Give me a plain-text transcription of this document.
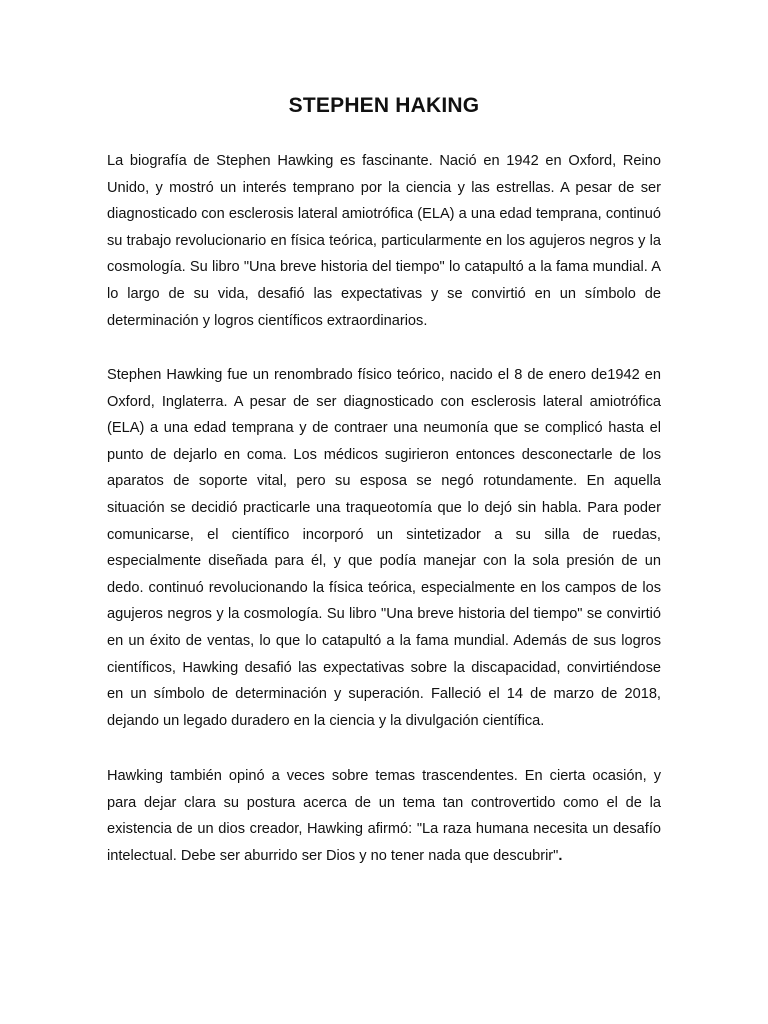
STEPHEN HAKING

La biografía de Stephen Hawking es fascinante. Nació en 1942 en Oxford, Reino Unido, y mostró un interés temprano por la ciencia y las estrellas. A pesar de ser diagnosticado con esclerosis lateral amiotrófica (ELA) a una edad temprana, continuó su trabajo revolucionario en física teórica, particularmente en los agujeros negros y la cosmología. Su libro "Una breve historia del tiempo" lo catapultó a la fama mundial. A lo largo de su vida, desafió las expectativas y se convirtió en un símbolo de determinación y logros científicos extraordinarios.

Stephen Hawking fue un renombrado físico teórico, nacido el 8 de enero de1942 en Oxford, Inglaterra. A pesar de ser diagnosticado con esclerosis lateral amiotrófica (ELA) a una edad temprana y de contraer una neumonía que se complicó hasta el punto de dejarlo en coma. Los médicos sugirieron entonces desconectarle de los aparatos de soporte vital, pero su esposa se negó rotundamente. En aquella situación se decidió practicarle una traqueotomía que lo dejó sin habla. Para poder comunicarse, el científico incorporó un sintetizador a su silla de ruedas, especialmente diseñada para él, y que podía manejar con la sola presión de un dedo. continuó revolucionando la física teórica, especialmente en los campos de los agujeros negros y la cosmología. Su libro "Una breve historia del tiempo" se convirtió en un éxito de ventas, lo que lo catapultó a la fama mundial. Además de sus logros científicos, Hawking desafió las expectativas sobre la discapacidad, convirtiéndose en un símbolo de determinación y superación. Falleció el 14 de marzo de 2018, dejando un legado duradero en la ciencia y la divulgación científica.

Hawking también opinó a veces sobre temas trascendentes. En cierta ocasión, y para dejar clara su postura acerca de un tema tan controvertido como el de la existencia de un dios creador, Hawking afirmó: "La raza humana necesita un desafío intelectual. Debe ser aburrido ser Dios y no tener nada que descubrir".
